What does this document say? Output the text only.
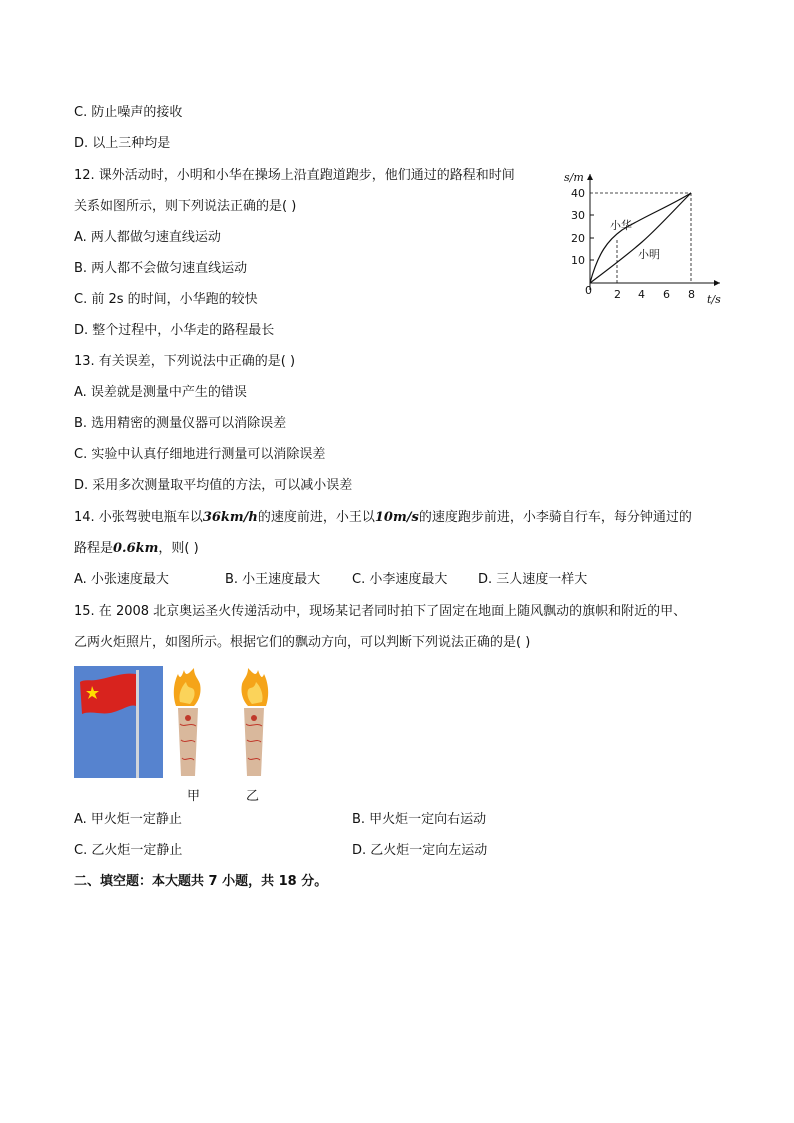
C. 防止噪声的接收
D. 以上三种均是
12. 课外活动时，小明和小华在操场上沿直跑道跑步，他们通过的路程和时间
关系如图所示，则下列说法正确的是( )
A. 两人都做匀速直线运动
B. 两人都不会做匀速直线运动
C. 前 2s 的时间，小华跑的较快
D. 整个过程中，小华走的路程最长
s/m
t/s
0
10
20
30
40
2 4 6 8
小华
小明
13. 有关误差，下列说法中正确的是( )
A. 误差就是测量中产生的错误
B. 选用精密的测量仪器可以消除误差
C. 实验中认真仔细地进行测量可以消除误差
D. 采用多次测量取平均值的方法，可以减小误差
14. 小张驾驶电瓶车以36km/h的速度前进，小王以10m/s的速度跑步前进，小李骑自行车，每分钟通过的
路程是0.6km，则( )
A. 小张速度最大	B. 小王速度最大 C. 小李速度最大 D. 三人速度一样大
15. 在 2008 北京奥运圣火传递活动中，现场某记者同时拍下了固定在地面上随风飘动的旗帜和附近的甲、
乙两火炬照片，如图所示。根据它们的飘动方向，可以判断下列说法正确的是( )
甲	乙
A. 甲火炬一定静止	B. 甲火炬一定向右运动
C. 乙火炬一定静止	D. 乙火炬一定向左运动
二、填空题：本大题共 7 小题，共 18 分。
